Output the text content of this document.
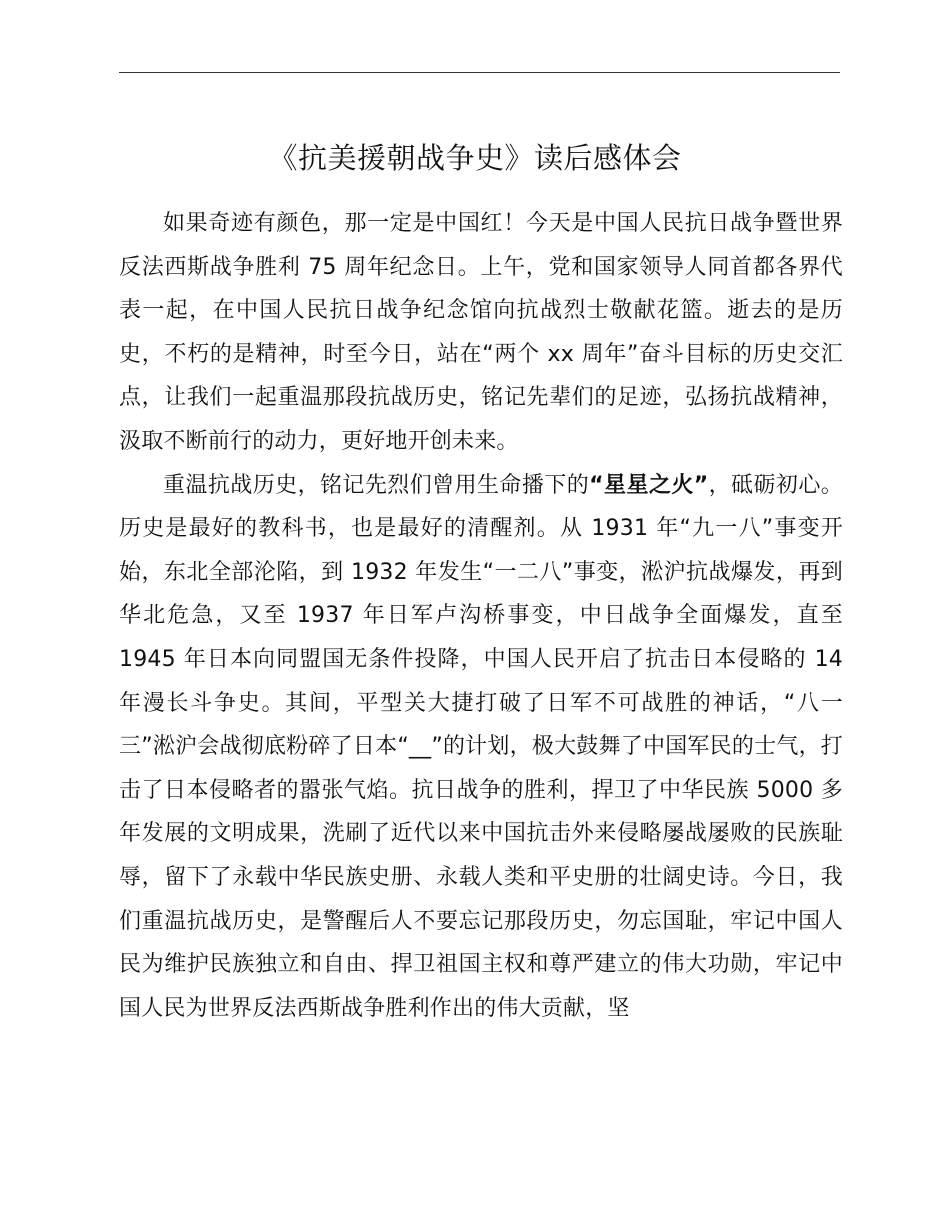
《抗美援朝战争史》读后感体会

如果奇迹有颜色，那一定是中国红！今天是中国人民抗日战争暨世界反法西斯战争胜利 75 周年纪念日。上午，党和国家领导人同首都各界代表一起，在中国人民抗日战争纪念馆向抗战烈士敬献花篮。逝去的是历史，不朽的是精神，时至今日，站在“两个 xx 周年”奋斗目标的历史交汇点，让我们一起重温那段抗战历史，铭记先辈们的足迹，弘扬抗战精神，汲取不断前行的动力，更好地开创未来。

重温抗战历史，铭记先烈们曾用生命播下的“星星之火”，砥砺初心。历史是最好的教科书，也是最好的清醒剂。从 1931 年“九一八”事变开始，东北全部沦陷，到 1932 年发生“一二八”事变，淞沪抗战爆发，再到华北危急，又至 1937 年日军卢沟桥事变，中日战争全面爆发，直至 1945 年日本向同盟国无条件投降，中国人民开启了抗击日本侵略的 14 年漫长斗争史。其间，平型关大捷打破了日军不可战胜的神话，“八一三”淞沪会战彻底粉碎了日本“__”的计划，极大鼓舞了中国军民的士气，打击了日本侵略者的嚣张气焰。抗日战争的胜利，捍卫了中华民族 5000 多年发展的文明成果，洗刷了近代以来中国抗击外来侵略屡战屡败的民族耻辱，留下了永载中华民族史册、永载人类和平史册的壮阔史诗。今日，我们重温抗战历史，是警醒后人不要忘记那段历史，勿忘国耻，牢记中国人民为维护民族独立和自由、捍卫祖国主权和尊严建立的伟大功勋，牢记中国人民为世界反法西斯战争胜利作出的伟大贡献，坚
